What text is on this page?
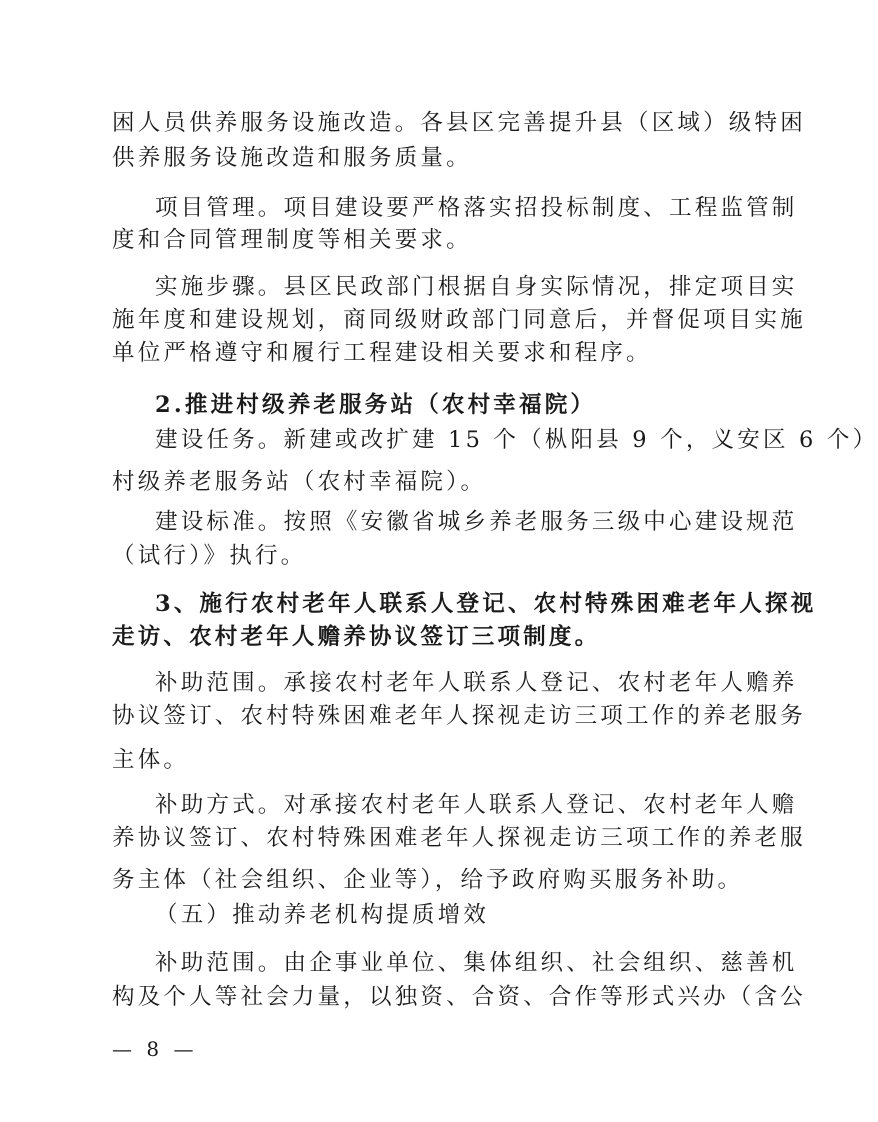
困人员供养服务设施改造。各县区完善提升县（区域）级特困
供养服务设施改造和服务质量。
项目管理。项目建设要严格落实招投标制度、工程监管制
度和合同管理制度等相关要求。
实施步骤。县区民政部门根据自身实际情况，排定项目实
施年度和建设规划，商同级财政部门同意后，并督促项目实施
单位严格遵守和履行工程建设相关要求和程序。
2.推进村级养老服务站（农村幸福院）
建设任务。新建或改扩建 15 个（枞阳县 9 个，义安区 6 个）
村级养老服务站（农村幸福院）。
建设标准。按照《安徽省城乡养老服务三级中心建设规范
（试行）》执行。
3、施行农村老年人联系人登记、农村特殊困难老年人探视
走访、农村老年人赡养协议签订三项制度。
补助范围。承接农村老年人联系人登记、农村老年人赡养
协议签订、农村特殊困难老年人探视走访三项工作的养老服务
主体。
补助方式。对承接农村老年人联系人登记、农村老年人赡
养协议签订、农村特殊困难老年人探视走访三项工作的养老服
务主体（社会组织、企业等），给予政府购买服务补助。
（五）推动养老机构提质增效
补助范围。由企事业单位、集体组织、社会组织、慈善机
构及个人等社会力量，以独资、合资、合作等形式兴办（含公
— 8 —
